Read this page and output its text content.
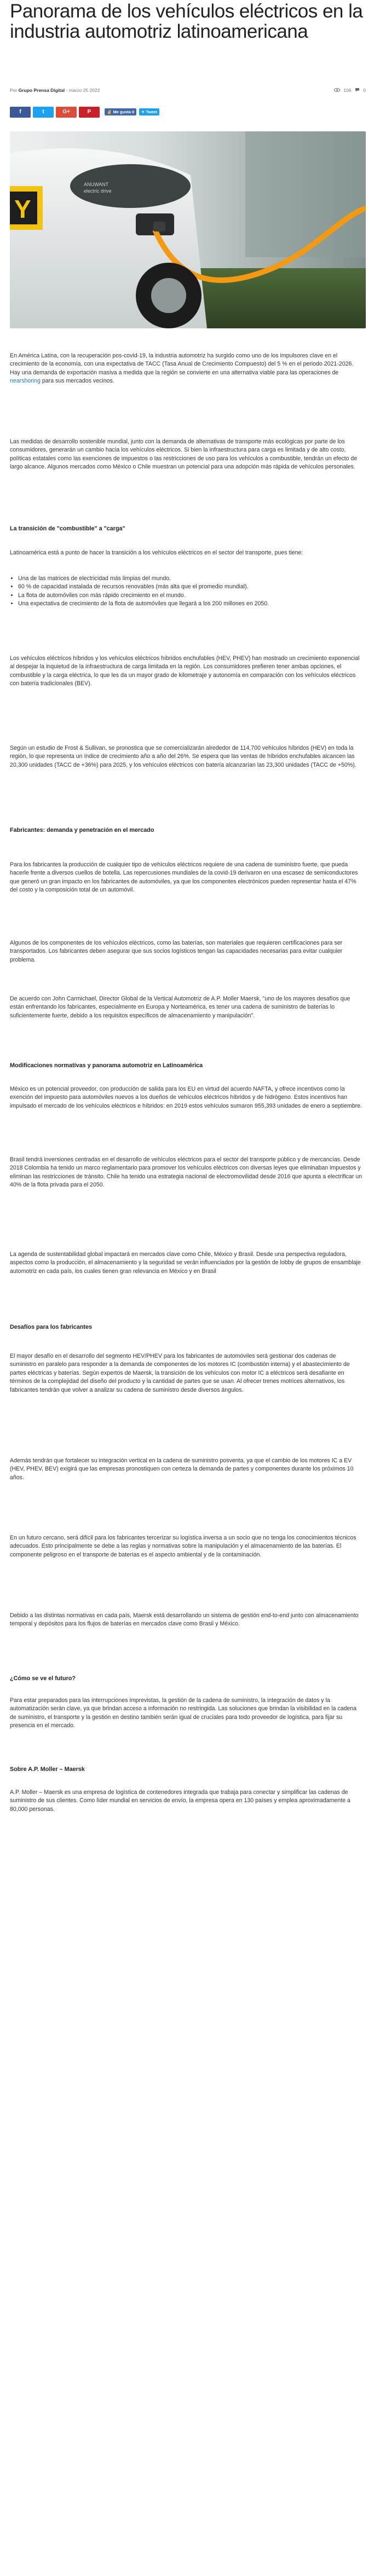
Panorama de los vehículos eléctricos en la industria automotriz latinoamericana
Por Grupo Prensa Digital - marzo 25 2022	106	0
f	t	G+	P	✌ Me gusta 0	✦ Tweet
Y
ANUWANT
electric drive

En América Latina, con la recuperación pos-covid-19, la industria automotriz ha surgido como uno de los impulsores clave en el crecimiento de la economía, con una expectativa de TACC (Tasa Anual de Crecimiento Compuesto) del 5 % en el periodo 2021-2026. Hay una demanda de exportación masiva a medida que la región se convierte en una alternativa viable para las operaciones de nearshoring para sus mercados vecinos.

Las medidas de desarrollo sostenible mundial, junto con la demanda de alternativas de transporte más ecológicas por parte de los consumidores, generarán un cambio hacia los vehículos eléctricos. Si bien la infraestructura para carga es limitada y de alto costo, políticas estatales como las exenciones de impuestos o las restricciones de uso para los vehículos a combustible, tendrán un efecto de largo alcance. Algunos mercados como México o Chile muestran un potencial para una adopción más rápida de vehículos personales.

La transición de "combustible" a "carga"

Latinoamérica está a punto de hacer la transición a los vehículos eléctricos en el sector del transporte, pues tiene:

• Una de las matrices de electricidad más limpias del mundo.
• 60 % de capacidad instalada de recursos renovables (más alta que el promedio mundial).
• La flota de automóviles con más rápido crecimiento en el mundo.
• Una expectativa de crecimiento de la flota de automóviles que llegará a los 200 millones en 2050.

Los vehículos eléctricos híbridos y los vehículos eléctricos híbridos enchufables (HEV, PHEV) han mostrado un crecimiento exponencial al despejar la inquietud de la infraestructura de carga limitada en la región. Los consumidores prefieren tener ambas opciones, el combustible y la carga eléctrica, lo que les da un mayor grado de kilometraje y autonomía en comparación con los vehículos eléctricos con batería tradicionales (BEV).

Según un estudio de Frost & Sullivan, se pronostica que se comercializarán alrededor de 114,700 vehículos híbridos (HEV) en toda la región, lo que representa un índice de crecimiento año a año del 26%. Se espera que las ventas de híbridos enchufables alcancen las 20,300 unidades (TACC de +36%) para 2025, y los vehículos eléctricos con batería alcanzarían las 23,300 unidades (TACC de +50%).

Fabricantes: demanda y penetración en el mercado

Para los fabricantes la producción de cualquier tipo de vehículos eléctricos requiere de una cadena de suministro fuerte, que pueda hacerle frente a diversos cuellos de botella. Las repercusiones mundiales de la covid-19 derivaron en una escasez de semiconductores que generó un gran impacto en los fabricantes de automóviles, ya que los componentes electrónicos pueden representar hasta el 47% del costo y la composición total de un automóvil.

Algunos de los componentes de los vehículos eléctricos, como las baterías, son materiales que requieren certificaciones para ser transportados. Los fabricantes deben asegurar que sus socios logísticos tengan las capacidades necesarias para evitar cualquier problema.

De acuerdo con John Carmichael, Director Global de la Vertical Automotriz de A.P. Moller Maersk, "uno de los mayores desafíos que están enfrentando los fabricantes, especialmente en Europa y Norteamérica, es tener una cadena de suministro de baterías lo suficientemente fuerte, debido a los requisitos específicos de almacenamiento y manipulación".

Modificaciones normativas y panorama automotriz en Latinoamérica

México es un potencial proveedor, con producción de salida para los EU en virtud del acuerdo NAFTA, y ofrece incentivos como la exención del impuesto para automóviles nuevos a los dueños de vehículos eléctricos híbridos y de hidrógeno. Estos incentivos han impulsado el mercado de los vehículos eléctricos e híbridos: en 2019 estos vehículos sumaron 955,393 unidades de enero a septiembre.

Brasil tendrá inversiones centradas en el desarrollo de vehículos eléctricos para el sector del transporte público y de mercancías. Desde 2018 Colombia ha tenido un marco reglamentario para promover los vehículos eléctricos con diversas leyes que eliminaban impuestos y eliminan las restricciones de tránsito. Chile ha tenido una estrategia nacional de electromovilidad desde 2016 que apunta a electrificar un 40% de la flota privada para el 2050.

La agenda de sustentabilidad global impactará en mercados clave como Chile, México y Brasil. Desde una perspectiva reguladora, aspectos como la producción, el almacenamiento y la seguridad se verán influenciados por la gestión de lobby de grupos de ensamblaje automotriz en cada país, los cuales tienen gran relevancia en México y en Brasil

Desafíos para los fabricantes

El mayor desafío en el desarrollo del segmento HEV/PHEV para los fabricantes de automóviles será gestionar dos cadenas de suministro en paralelo para responder a la demanda de componentes de los motores IC (combustión interna) y el abastecimiento de partes eléctricas y baterías. Según expertos de Maersk, la transición de los vehículos con motor IC a eléctricos será desafiante en términos de la complejidad del diseño del producto y la cantidad de partes que se usan. Al ofrecer trenes motrices alternativos, los fabricantes tendrán que volver a analizar su cadena de suministro desde diversos ángulos.

Además tendrán que fortalecer su integración vertical en la cadena de suministro posventa, ya que el cambio de los motores IC a EV (HEV, PHEV, BEV) exigirá que las empresas pronostiquen con certeza la demanda de partes y componentes durante los próximos 10 años.

En un futuro cercano, será difícil para los fabricantes tercerizar su logística inversa a un socio que no tenga los conocimientos técnicos adecuados. Esto principalmente se debe a las reglas y normativas sobre la manipulación y el almacenamiento de las baterías. El componente peligroso en el transporte de baterías es el aspecto ambiental y de la contaminación.

Debido a las distintas normativas en cada país, Maersk está desarrollando un sistema de gestión end-to-end junto con almacenamiento temporal y depósitos para los flujos de baterías en mercados clave como Brasil y México.

¿Cómo se ve el futuro?

Para estar preparados para las interrupciones imprevistas, la gestión de la cadena de suministro, la integración de datos y la automatización serán clave, ya que brindan acceso a información no restringida. Las soluciones que brindan la visibilidad en la cadena de suministro, el transporte y la gestión en destino también serán igual de cruciales para todo proveedor de logística, para fijar su presencia en el mercado.

Sobre A.P. Moller – Maersk

A.P. Moller – Maersk es una empresa de logística de contenedores integrada que trabaja para conectar y simplificar las cadenas de suministro de sus clientes. Como líder mundial en servicios de envío, la empresa opera en 130 países y emplea aproximadamente a 80,000 personas.
